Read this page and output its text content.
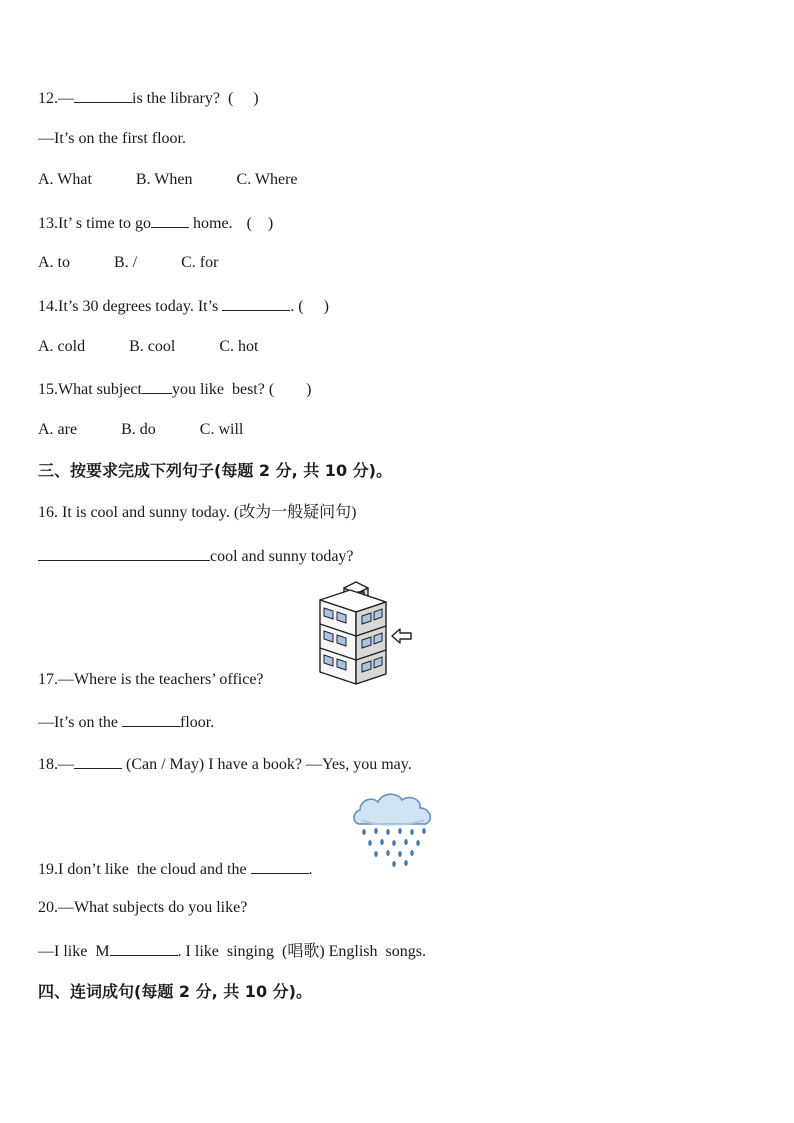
12.—	is the library? (     )
—It’s on the first floor.
A. What	B. When	C. Where
13.It’ s time to go home. (    )
A. to	B. /	C. for
14.It’s 30 degrees today. It’s	. (     )
A. cold	B. cool	C. hot
15.What subject you like  best? (        )
A. are	B. do	C. will
三、按要求完成下列句子(每题 2 分, 共 10 分)。
16. It is cool and sunny today. (改为一般疑问句)
cool and sunny today?
17.—Where is the teachers’ office?
—It’s on the	floor.
18.—	(Can / May) I have a book? —Yes, you may.
19.I don’t like  the cloud and the	.
20.—What subjects do you like?
—I like  M	. I like  singing  (唱歌) English  songs.
四、连词成句(每题 2 分, 共 10 分)。
